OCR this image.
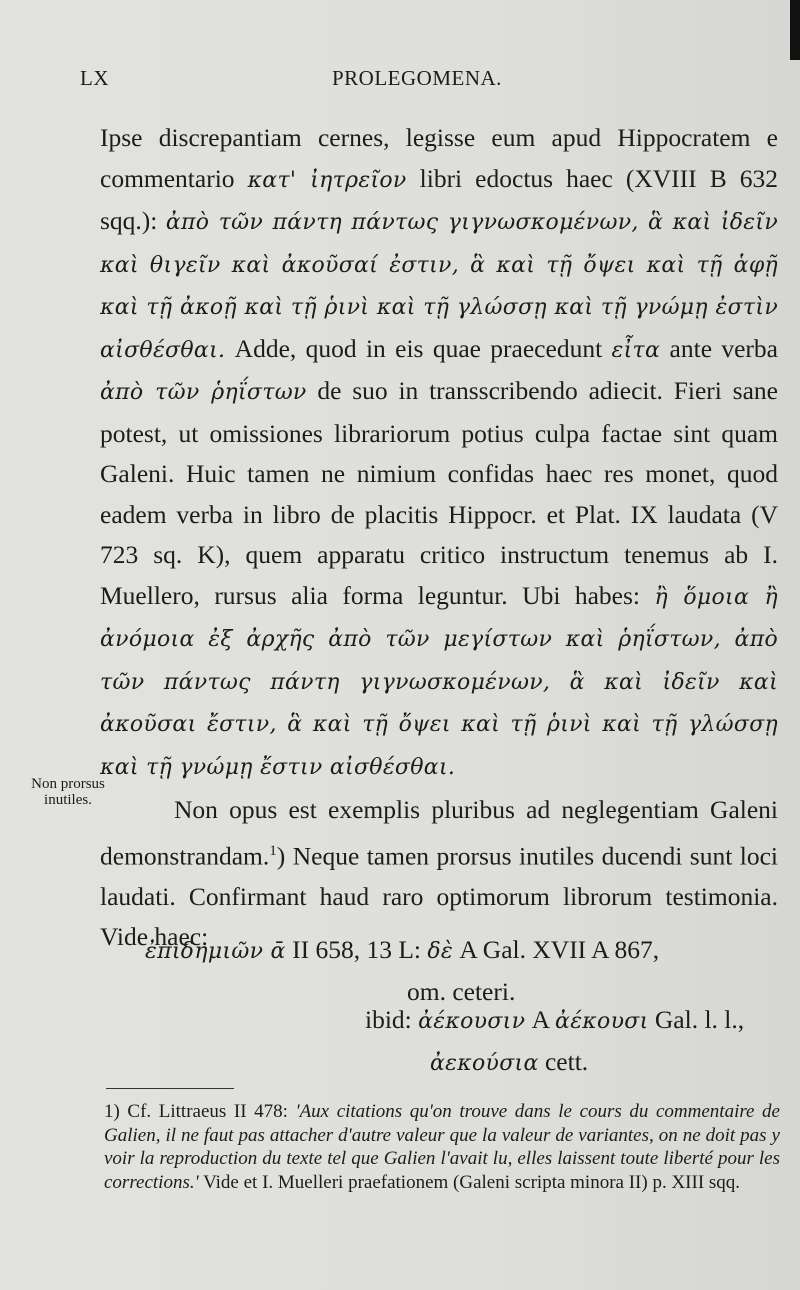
LX	PROLEGOMENA.

Ipse discrepantiam cernes, legisse eum apud Hippocratem e commentario κατ' ἰητρεῖον libri edoctus haec (XVIII B 632 sqq.): ἀπὸ τῶν πάντη πάντως γιγνωσκομένων, ἃ καὶ ἰδεῖν καὶ θιγεῖν καὶ ἀκοῦσαί ἐστιν, ἃ καὶ τῇ ὄψει καὶ τῇ ἁφῇ καὶ τῇ ἀκοῇ καὶ τῇ ῥινὶ καὶ τῇ γλώσσῃ καὶ τῇ γνώμῃ ἐστὶν αἰσθέσθαι. Adde, quod in eis quae praecedunt εἶτα ante verba ἀπὸ τῶν ῥηΐστων de suo in transscribendo adiecit. Fieri sane potest, ut omissiones librariorum potius culpa factae sint quam Galeni. Huic tamen ne nimium confidas haec res monet, quod eadem verba in libro de placitis Hippocr. et Plat. IX laudata (V 723 sq. K), quem apparatu critico instructum tenemus ab I. Muellero, rursus alia forma leguntur. Ubi habes: ἢ ὅμοια ἢ ἀνόμοια ἐξ ἀρχῆς ἀπὸ τῶν μεγίστων καὶ ῥηΐστων, ἀπὸ τῶν πάντως πάντη γιγνωσκομένων, ἃ καὶ ἰδεῖν καὶ ἀκοῦσαι ἔστιν, ἃ καὶ τῇ ὄψει καὶ τῇ ῥινὶ καὶ τῇ γλώσσῃ καὶ τῇ γνώμῃ ἔστιν αἰσθέσθαι.

Non opus est exemplis pluribus ad neglegentiam Galeni demonstrandam.$^1$) Neque tamen prorsus inutiles ducendi sunt loci laudati. Confirmant haud raro optimorum librorum testimonia. Vide haec:

Non prorsus inutiles.
ἐπιδημιῶν ᾱ II 658, 13 L: δὲ A Gal. XVII A 867,
om. ceteri.
ibid: ἀέκουσιν A ἀέκουσι Gal. l. l.,
ἀεκούσια cett.

1) Cf. Littraeus II 478: 'Aux citations qu'on trouve dans le cours du commentaire de Galien, il ne faut pas attacher d'autre valeur que la valeur de variantes, on ne doit pas y voir la reproduction du texte tel que Galien l'avait lu, elles laissent toute liberté pour les corrections.' Vide et I. Muelleri praefationem (Galeni scripta minora II) p. XIII sqq.
